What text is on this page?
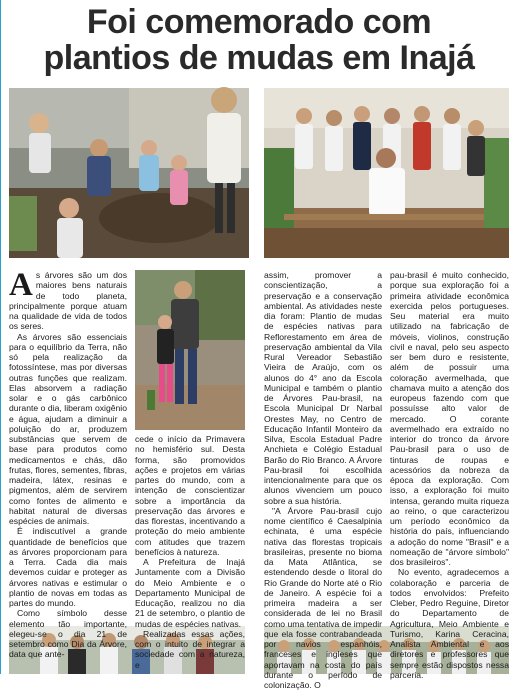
Foi comemorado com
plantios de mudas em Inajá

As árvores são um dos maiores bens naturais de todo planeta, principalmente porque atuam na qualidade de vida de todos os seres.

As árvores são essenciais para o equilíbrio da Terra, não só pela realização da fotossíntese, mas por diversas outras funções que realizam. Elas absorvem a radiação solar e o gás carbônico durante o dia, liberam oxigênio e água, ajudam a diminuir a poluição do ar, produzem substâncias que servem de base para produtos como medicamentos e chás, dão frutas, flores, sementes, fibras, madeira, látex, resinas e pigmentos, além de servirem como fontes de alimento e habitat natural de diversas espécies de animais.

É indiscutível a grande quantidade de benefícios que as árvores proporcionam para a Terra. Cada dia mais devemos cuidar e proteger as árvores nativas e estimular o plantio de novas em todas as partes do mundo.

Como símbolo desse elemento tão importante, elegeu-se o dia 21 de setembro como Dia da Árvore, data que ante-

cede o início da Primavera no hemisfério sul. Desta forma, são promovidos ações e projetos em várias partes do mundo, com a intenção de conscientizar sobre a importância da preservação das árvores e das florestas, incentivando a proteção do meio ambiente com atitudes que trazem benefícios à natureza.

A Prefeitura de Inajá Juntamente com a Divisão do Meio Ambiente e o Departamento Municipal de Educação, realizou no dia 21 de setembro, o plantio de mudas de espécies nativas.

Realizadas essas ações, com o intuito de integrar a sociedade com a natureza, e

assim, promover a conscientização, a preservação e a conservação ambiental. As atividades neste dia foram: Plantio de mudas de espécies nativas para Reflorestamento em área de preservação ambiental da Vila Rural Vereador Sebastião Vieira de Araújo, com os alunos do 4° ano da Escola Municipal e também o plantio de Árvores Pau-brasil, na Escola Municipal Dr Narbal Orestes May, no Centro de Educação Infantil Monteiro da Silva, Escola Estadual Padre Anchieta e Colégio Estadual Barão do Rio Branco. A Árvore Pau-brasil foi escolhida intencionalmente para que os alunos vivenciem um pouco sobre a sua história.

"A Árvore Pau-brasil cujo nome científico é Caesalpinia echinata, é uma espécie nativa das florestas tropicais brasileiras, presente no bioma da Mata Atlântica, se estendendo desde o litoral do Rio Grande do Norte até o Rio de Janeiro. A espécie foi a primeira madeira a ser considerada de lei no Brasil como uma tentativa de impedir que ela fosse contrabandeada por navios espanhóis, franceses e ingleses que aportavam na costa do país durante o período de colonização. O

pau-brasil é muito conhecido, porque sua exploração foi a primeira atividade econômica exercida pelos portugueses. Seu material era muito utilizado na fabricação de móveis, violinos, construção civil e naval, pelo seu aspecto ser bem duro e resistente, além de possuir uma coloração avermelhada, que chamava muito a atenção dos europeus fazendo com que possuísse alto valor de mercado. O corante avermelhado era extraído no interior do tronco da árvore Pau-brasil para o uso de tinturas de roupas e acessórios da nobreza da época da exploração. Com isso, a exploração foi muito intensa, gerando muita riqueza ao reino, o que caracterizou um período econômico da história do país, influenciando a adoção do nome "Brasil" e a nomeação de "árvore símbolo" dos brasileiros".

No evento, agradecemos a colaboração e parceria de todos envolvidos: Prefeito Cleber, Pedro Reguine, Diretor do Departamento de Agricultura, Meio Ambiente e Turismo, Karina Ceracina, Analista Ambiental e aos diretores e professores que sempre estão dispostos nessa parceria.
